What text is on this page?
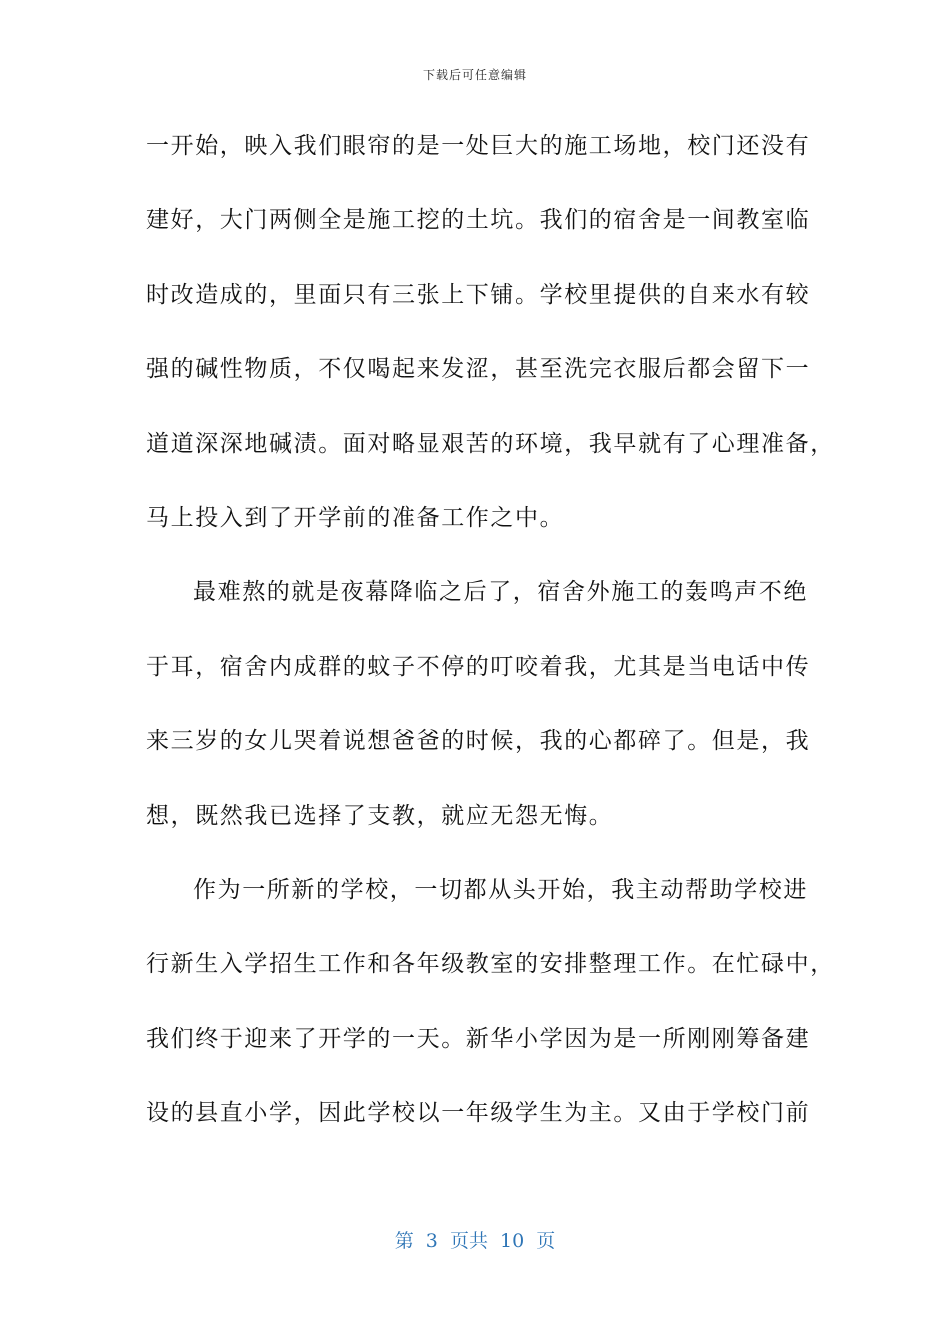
下载后可任意编辑
一开始，映入我们眼帘的是一处巨大的施工场地，校门还没有
建好，大门两侧全是施工挖的土坑。我们的宿舍是一间教室临
时改造成的，里面只有三张上下铺。学校里提供的自来水有较
强的碱性物质，不仅喝起来发涩，甚至洗完衣服后都会留下一
道道深深地碱渍。面对略显艰苦的环境，我早就有了心理准备，
马上投入到了开学前的准备工作之中。
最难熬的就是夜幕降临之后了，宿舍外施工的轰鸣声不绝
于耳，宿舍内成群的蚊子不停的叮咬着我，尤其是当电话中传
来三岁的女儿哭着说想爸爸的时候，我的心都碎了。但是，我
想，既然我已选择了支教，就应无怨无悔。
作为一所新的学校，一切都从头开始，我主动帮助学校进
行新生入学招生工作和各年级教室的安排整理工作。在忙碌中，
我们终于迎来了开学的一天。新华小学因为是一所刚刚筹备建
设的县直小学，因此学校以一年级学生为主。又由于学校门前
第  3  页共  10  页
